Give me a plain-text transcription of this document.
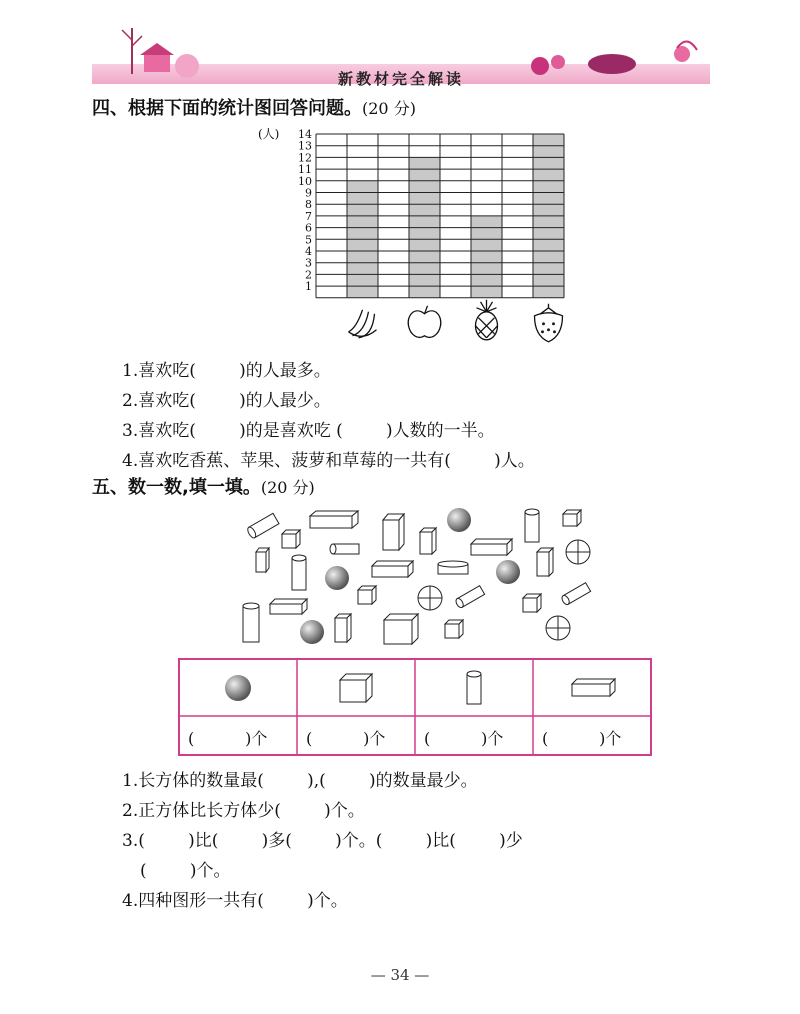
新教材完全解读
四、根据下面的统计图回答问题。(20 分)
1
2
3
4
5
6
7
8
9
10
11
12
13
14
(人)
1.喜欢吃(        )的人最多。
2.喜欢吃(        )的人最少。
3.喜欢吃(        )的是喜欢吃 (        )人数的一半。
4.喜欢吃香蕉、苹果、菠萝和草莓的一共有(        )人。
五、数一数,填一填。(20 分)
(          )个 (          )个 (          )个 (          )个
1.长方体的数量最(        ),(        )的数量最少。
2.正方体比长方体少(        )个。
3.(        )比(        )多(        )个。(        )比(        )少
(        )个。
4.四种图形一共有(        )个。
— 34 —
